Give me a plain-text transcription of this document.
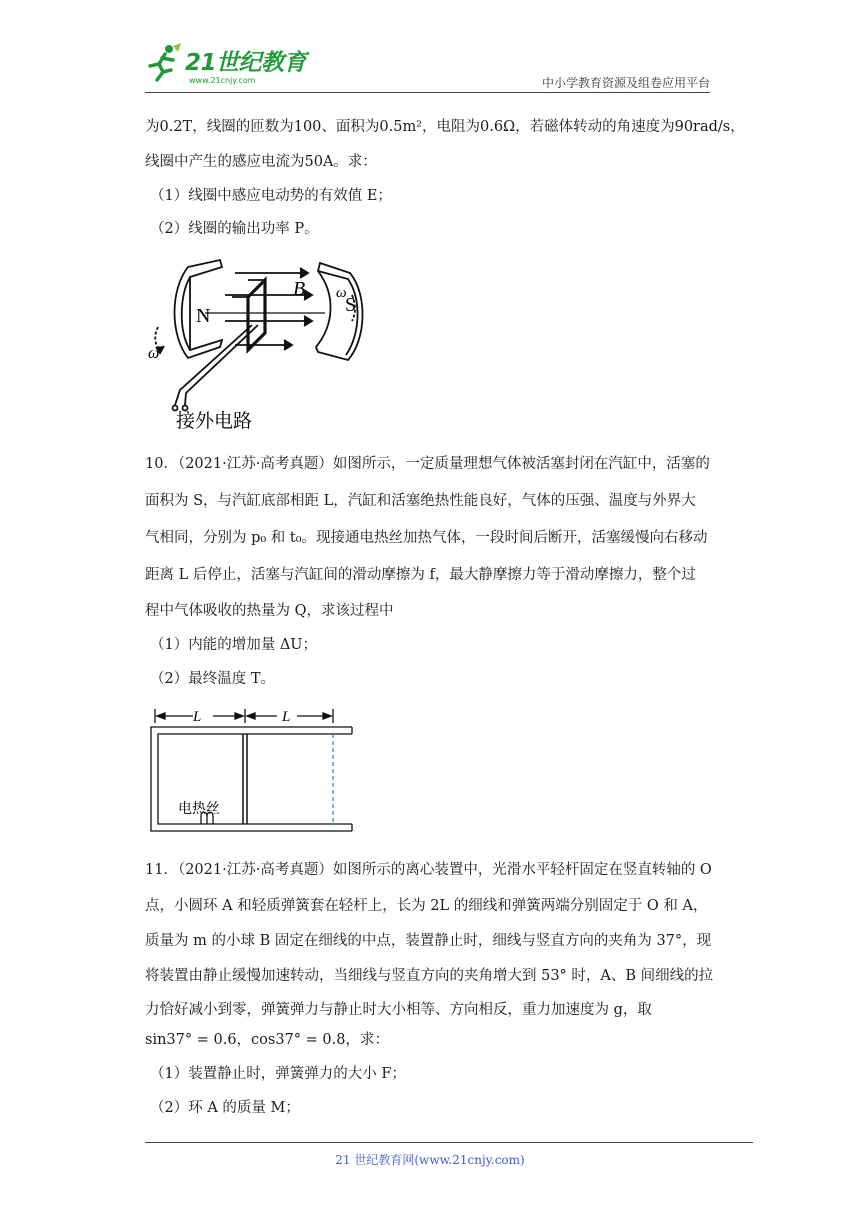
21世纪教育
www.21cnjy.com	中小学教育资源及组卷应用平台
为0.2T，线圈的匝数为100、面积为0.5m²，电阻为0.6Ω，若磁体转动的角速度为90rad/s，
线圈中产生的感应电流为50A。求：
（1）线圈中感应电动势的有效值 E；
（2）线圈的输出功率 P。
N	S
B
ω
ω
接外电路
10．（2021·江苏·高考真题）如图所示，一定质量理想气体被活塞封闭在汽缸中，活塞的
面积为 S，与汽缸底部相距 L，汽缸和活塞绝热性能良好，气体的压强、温度与外界大
气相同，分别为 p₀ 和 t₀。现接通电热丝加热气体，一段时间后断开，活塞缓慢向右移动
距离 L 后停止，活塞与汽缸间的滑动摩擦为 f，最大静摩擦力等于滑动摩擦力，整个过
程中气体吸收的热量为 Q，求该过程中
（1）内能的增加量 ΔU；
（2）最终温度 T。
L	L
电热丝
11．（2021·江苏·高考真题）如图所示的离心装置中，光滑水平轻杆固定在竖直转轴的 O
点，小圆环 A 和轻质弹簧套在轻杆上，长为 2L 的细线和弹簧两端分别固定于 O 和 A，
质量为 m 的小球 B 固定在细线的中点，装置静止时，细线与竖直方向的夹角为 37°，现
将装置由静止缓慢加速转动，当细线与竖直方向的夹角增大到 53° 时，A、B 间细线的拉
力恰好减小到零，弹簧弹力与静止时大小相等、方向相反，重力加速度为 g，取
sin37° = 0.6，cos37° = 0.8，求：
（1）装置静止时，弹簧弹力的大小 F；
（2）环 A 的质量 M；
21 世纪教育网(www.21cnjy.com)
